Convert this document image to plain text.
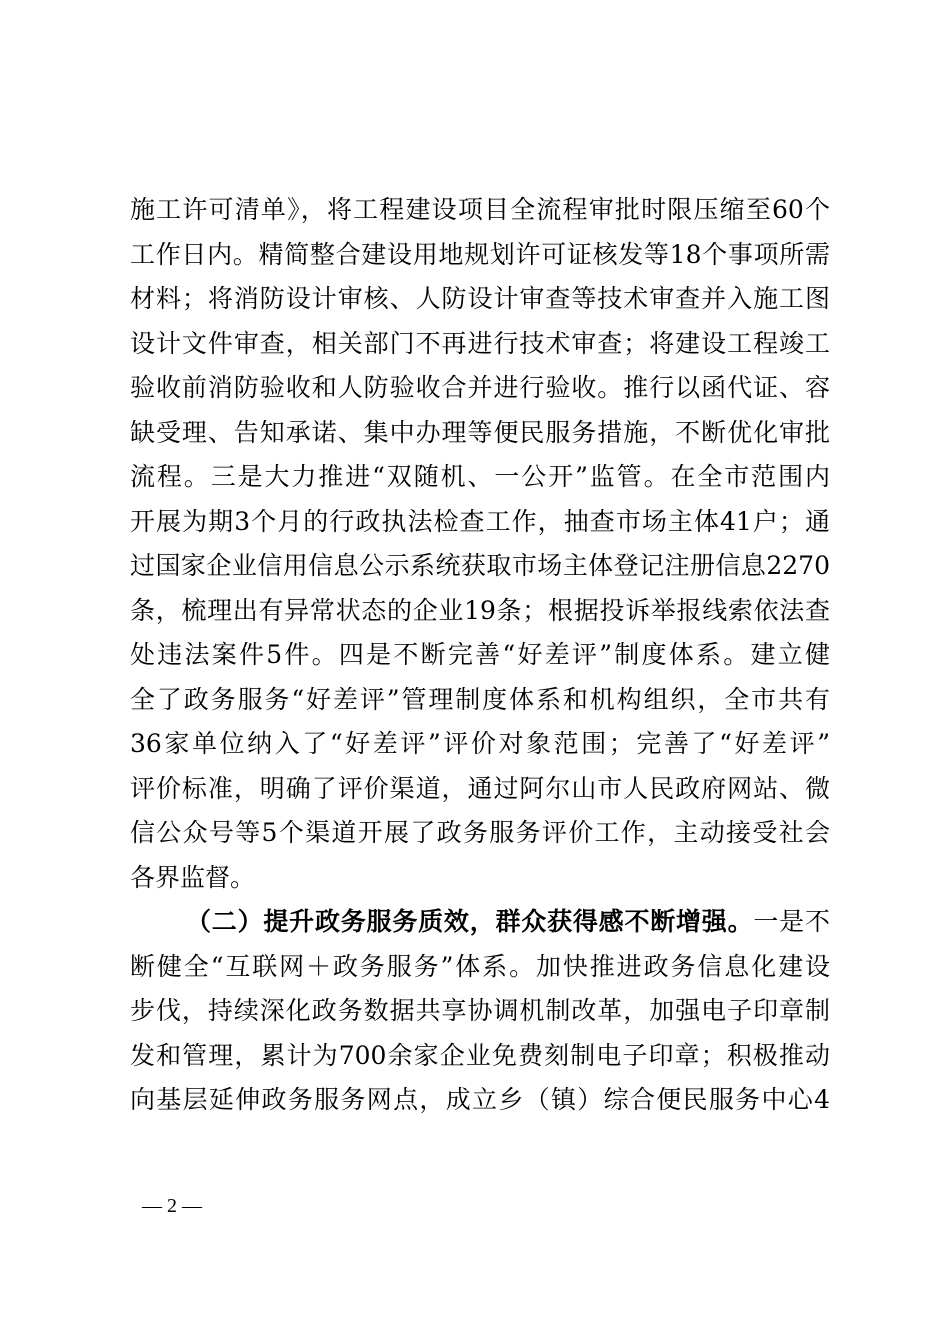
施工许可清单》，将工程建设项目全流程审批时限压缩至60个
工作日内。精简整合建设用地规划许可证核发等18个事项所需
材料；将消防设计审核、人防设计审查等技术审查并入施工图
设计文件审查，相关部门不再进行技术审查；将建设工程竣工
验收前消防验收和人防验收合并进行验收。推行以函代证、容
缺受理、告知承诺、集中办理等便民服务措施，不断优化审批
流程。三是大力推进“双随机、一公开”监管。在全市范围内
开展为期3个月的行政执法检查工作，抽查市场主体41户；通
过国家企业信用信息公示系统获取市场主体登记注册信息2270
条，梳理出有异常状态的企业19条；根据投诉举报线索依法查
处违法案件5件。四是不断完善“好差评”制度体系。建立健
全了政务服务“好差评”管理制度体系和机构组织，全市共有
36家单位纳入了“好差评”评价对象范围；完善了“好差评”
评价标准，明确了评价渠道，通过阿尔山市人民政府网站、微
信公众号等5个渠道开展了政务服务评价工作，主动接受社会
各界监督。
（二）提升政务服务质效，群众获得感不断增强。一是不
断健全“互联网＋政务服务”体系。加快推进政务信息化建设
步伐，持续深化政务数据共享协调机制改革，加强电子印章制
发和管理，累计为700余家企业免费刻制电子印章；积极推动
向基层延伸政务服务网点，成立乡（镇）综合便民服务中心4
— 2 —
